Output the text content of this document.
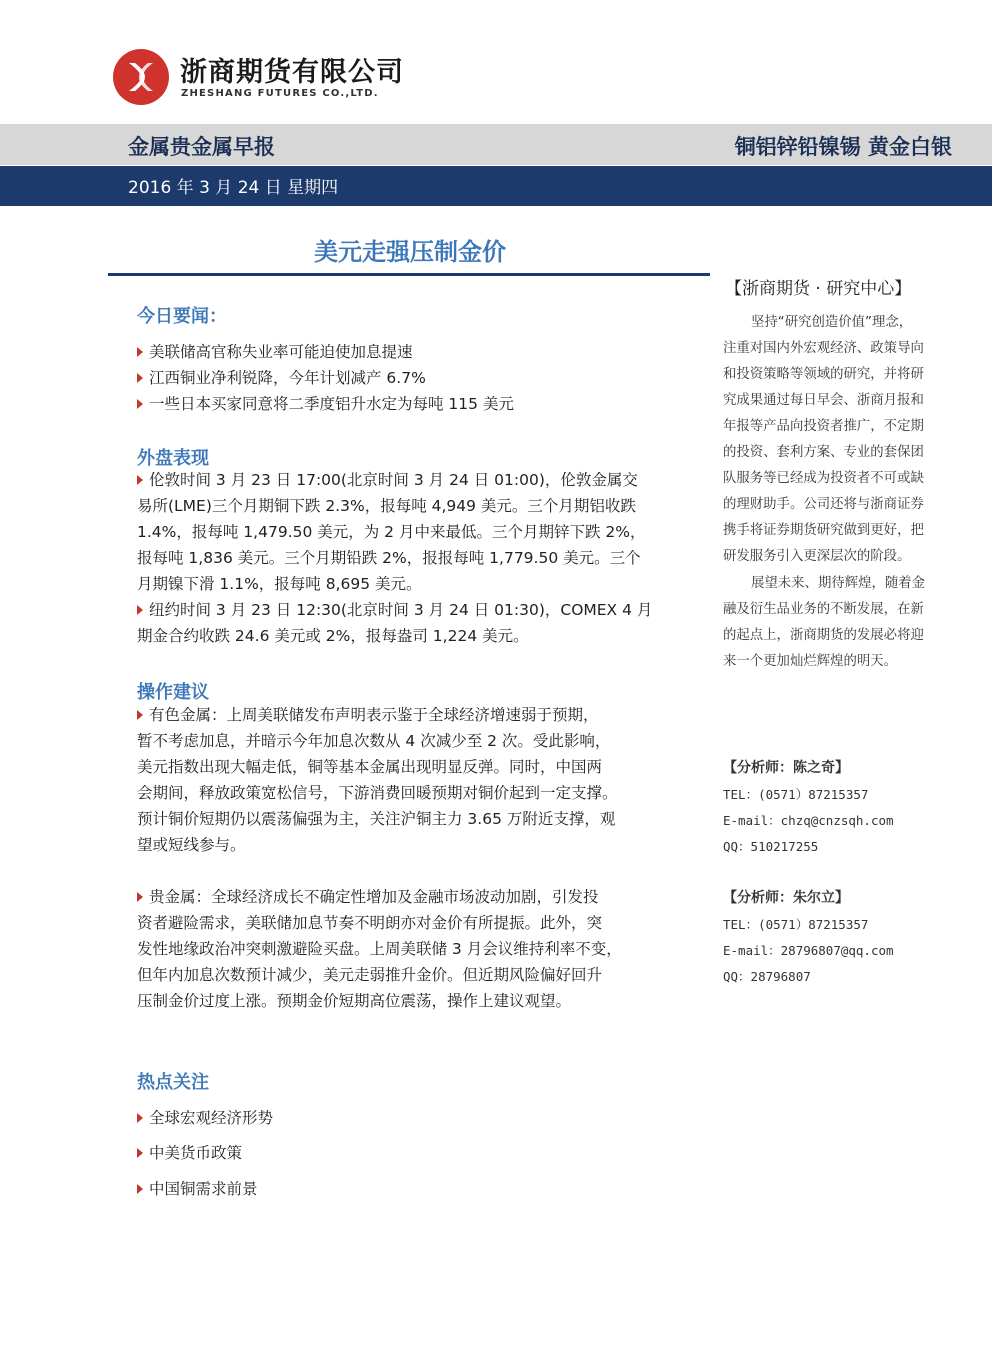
浙商期货有限公司
ZHESHANG FUTURES CO.,LTD.
金属贵金属早报	铜铝锌铅镍锡 黄金白银
2016 年 3 月 24 日 星期四
美元走强压制金价
今日要闻：
美联储高官称失业率可能迫使加息提速
江西铜业净利锐降，今年计划减产 6.7%
一些日本买家同意将二季度铝升水定为每吨 115 美元
外盘表现
伦敦时间 3 月 23 日 17:00(北京时间 3 月 24 日 01:00)，伦敦金属交
易所(LME)三个月期铜下跌 2.3%，报每吨 4,949 美元。三个月期铝收跌
1.4%，报每吨 1,479.50 美元，为 2 月中来最低。三个月期锌下跌 2%，
报每吨 1,836 美元。三个月期铅跌 2%，报报每吨 1,779.50 美元。三个
月期镍下滑 1.1%，报每吨 8,695 美元。
纽约时间 3 月 23 日 12:30(北京时间 3 月 24 日 01:30)，COMEX 4 月
期金合约收跌 24.6 美元或 2%，报每盎司 1,224 美元。
操作建议
有色金属：上周美联储发布声明表示鉴于全球经济增速弱于预期，
暂不考虑加息，并暗示今年加息次数从 4 次减少至 2 次。受此影响，
美元指数出现大幅走低，铜等基本金属出现明显反弹。同时，中国两
会期间，释放政策宽松信号，下游消费回暖预期对铜价起到一定支撑。
预计铜价短期仍以震荡偏强为主，关注沪铜主力 3.65 万附近支撑，观
望或短线参与。
贵金属：全球经济成长不确定性增加及金融市场波动加剧，引发投
资者避险需求，美联储加息节奏不明朗亦对金价有所提振。此外，突
发性地缘政治冲突刺激避险买盘。上周美联储 3 月会议维持利率不变，
但年内加息次数预计减少，美元走弱推升金价。但近期风险偏好回升
压制金价过度上涨。预期金价短期高位震荡，操作上建议观望。
热点关注
全球宏观经济形势
中美货币政策
中国铜需求前景
【浙商期货 · 研究中心】
坚持“研究创造价值”理念，
注重对国内外宏观经济、政策导向
和投资策略等领域的研究，并将研
究成果通过每日早会、浙商月报和
年报等产品向投资者推广，不定期
的投资、套利方案、专业的套保团
队服务等已经成为投资者不可或缺
的理财助手。公司还将与浙商证券
携手将证券期货研究做到更好，把
研发服务引入更深层次的阶段。
展望未来、期待辉煌，随着金
融及衍生品业务的不断发展，在新
的起点上，浙商期货的发展必将迎
来一个更加灿烂辉煌的明天。
【分析师：陈之奇】
TEL：(0571）87215357
E-mail：chzq@cnzsqh.com
QQ：510217255
【分析师：朱尔立】
TEL：(0571）87215357
E-mail：28796807@qq.com
QQ：28796807
